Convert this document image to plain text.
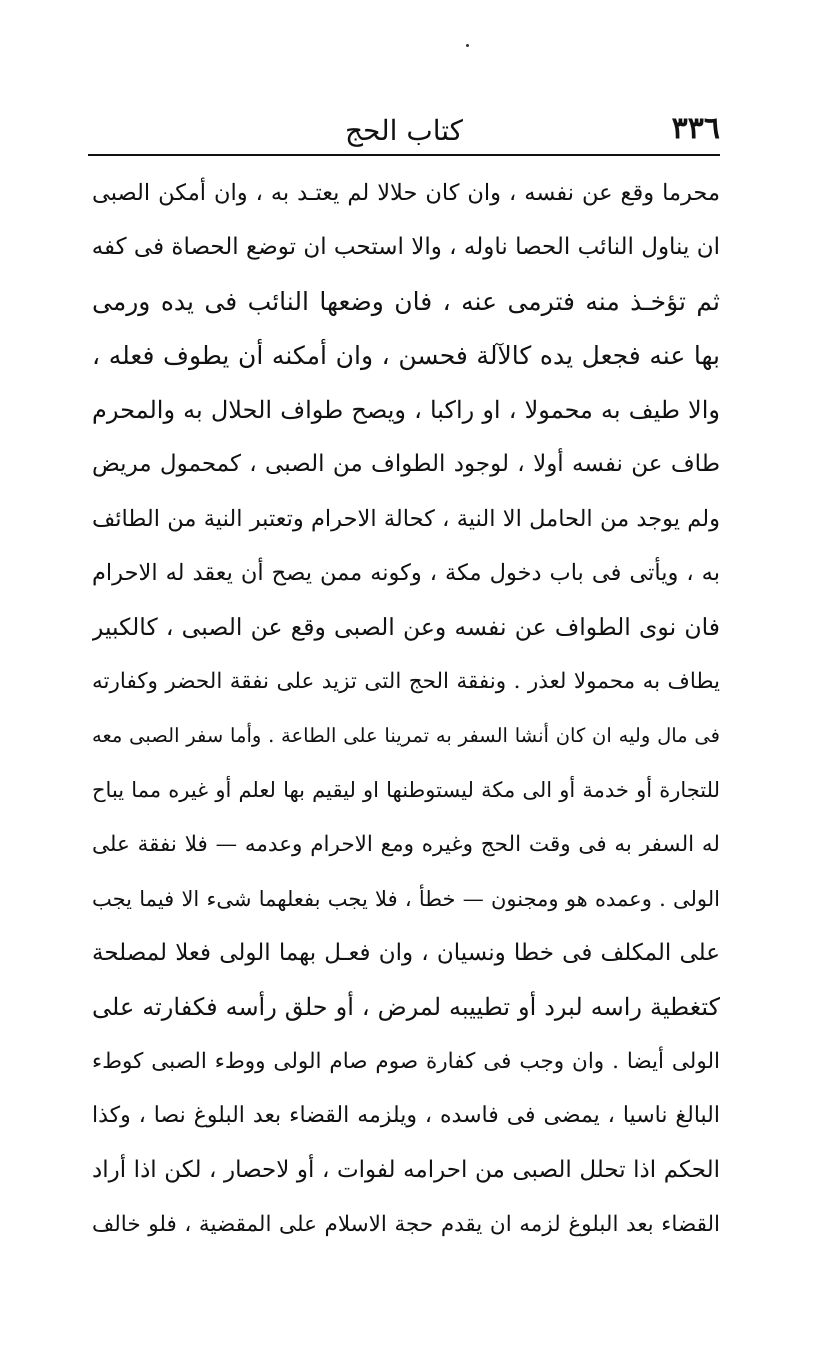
٣٣٦
كتاب الحج
محرما وقع عن نفسه ، وان كان حلالا لم يعتـد به ، وان أمكن الصبى
ان يناول النائب الحصا ناوله ، والا استحب ان توضع الحصاة فى كفه
ثم تؤخـذ منه فترمى عنه ، فان وضعها النائب فى يده ورمى
بها عنه فجعل يده كالآلة فحسن ، وان أمكنه أن يطوف فعله ،
والا طيف به محمولا ، او راكبا ، ويصح طواف الحلال به والمحرم
طاف عن نفسه أولا ، لوجود الطواف من الصبى ، كمحمول مريض
ولم يوجد من الحامل الا النية ، كحالة الاحرام وتعتبر النية من الطائف
به ، ويأتى فى باب دخول مكة ، وكونه ممن يصح أن يعقد له الاحرام
فان نوى الطواف عن نفسه وعن الصبى وقع عن الصبى ، كالكبير
يطاف به محمولا لعذر . ونفقة الحج التى تزيد على نفقة الحضر وكفارته
فى مال وليه ان كان أنشا السفر به تمرينا على الطاعة . وأما سفر الصبى معه
للتجارة أو خدمة أو الى مكة ليستوطنها او ليقيم بها لعلم أو غيره مما يباح
له السفر به فى وقت الحج وغيره ومع الاحرام وعدمه — فلا نفقة على
الولى . وعمده هو ومجنون — خطأ ، فلا يجب بفعلهما شىء الا فيما يجب
على المكلف فى خطا ونسيان ، وان فعـل بهما الولى فعلا لمصلحة
كتغطية راسه لبرد أو تطييبه لمرض ، أو حلق رأسه فكفارته على
الولى أيضا . وان وجب فى كفارة صوم صام الولى ووطء الصبى كوطء
البالغ ناسيا ، يمضى فى فاسده ، ويلزمه القضاء بعد البلوغ نصا ، وكذا
الحكم اذا تحلل الصبى من احرامه لفوات ، أو لاحصار ، لكن اذا أراد
القضاء بعد البلوغ لزمه ان يقدم حجة الاسلام على المقضية ، فلو خالف
